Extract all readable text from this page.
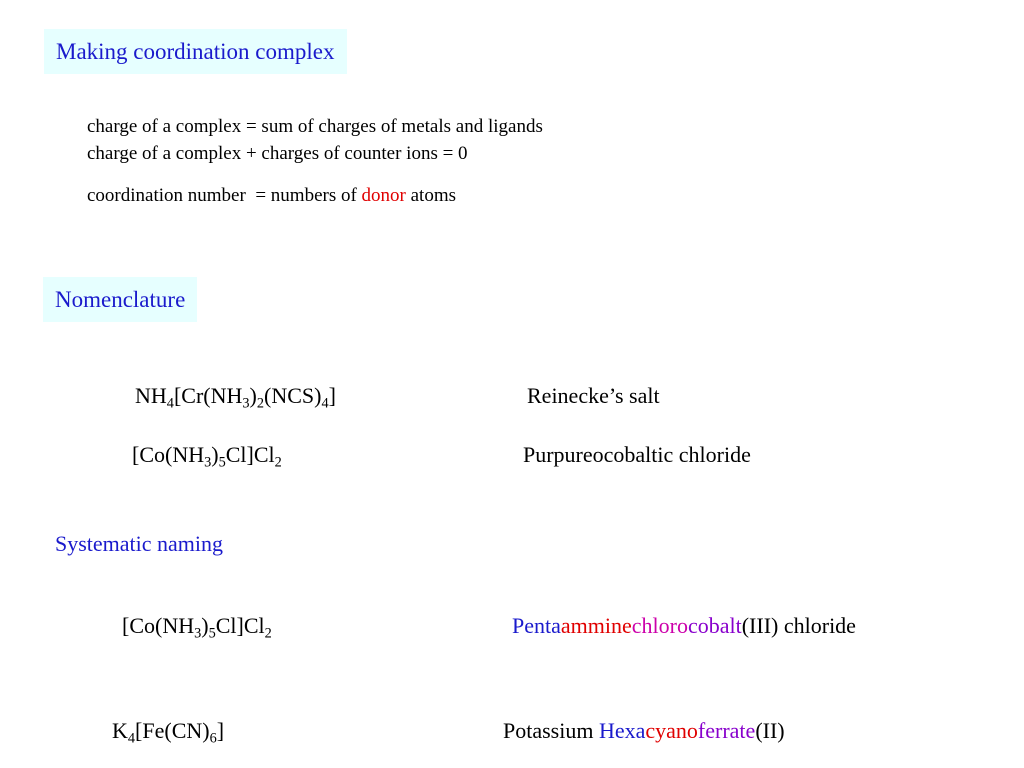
Making coordination complex
charge of a complex = sum of charges of metals and ligands
charge of a complex + charges of counter ions = 0
coordination number  = numbers of donor atoms
Nomenclature
$NH_4[Cr(NH_3)_2(NCS)_4]$	Reinecke’s salt
$[Co(NH_3)_5Cl]Cl_2$	Purpureocobaltic chloride
Systematic naming
$[Co(NH_3)_5Cl]Cl_2$	Pentaamminechlorocobalt(III) chloride
$K_4[Fe(CN)_6]$	Potassium Hexacyanoferrate(II)
